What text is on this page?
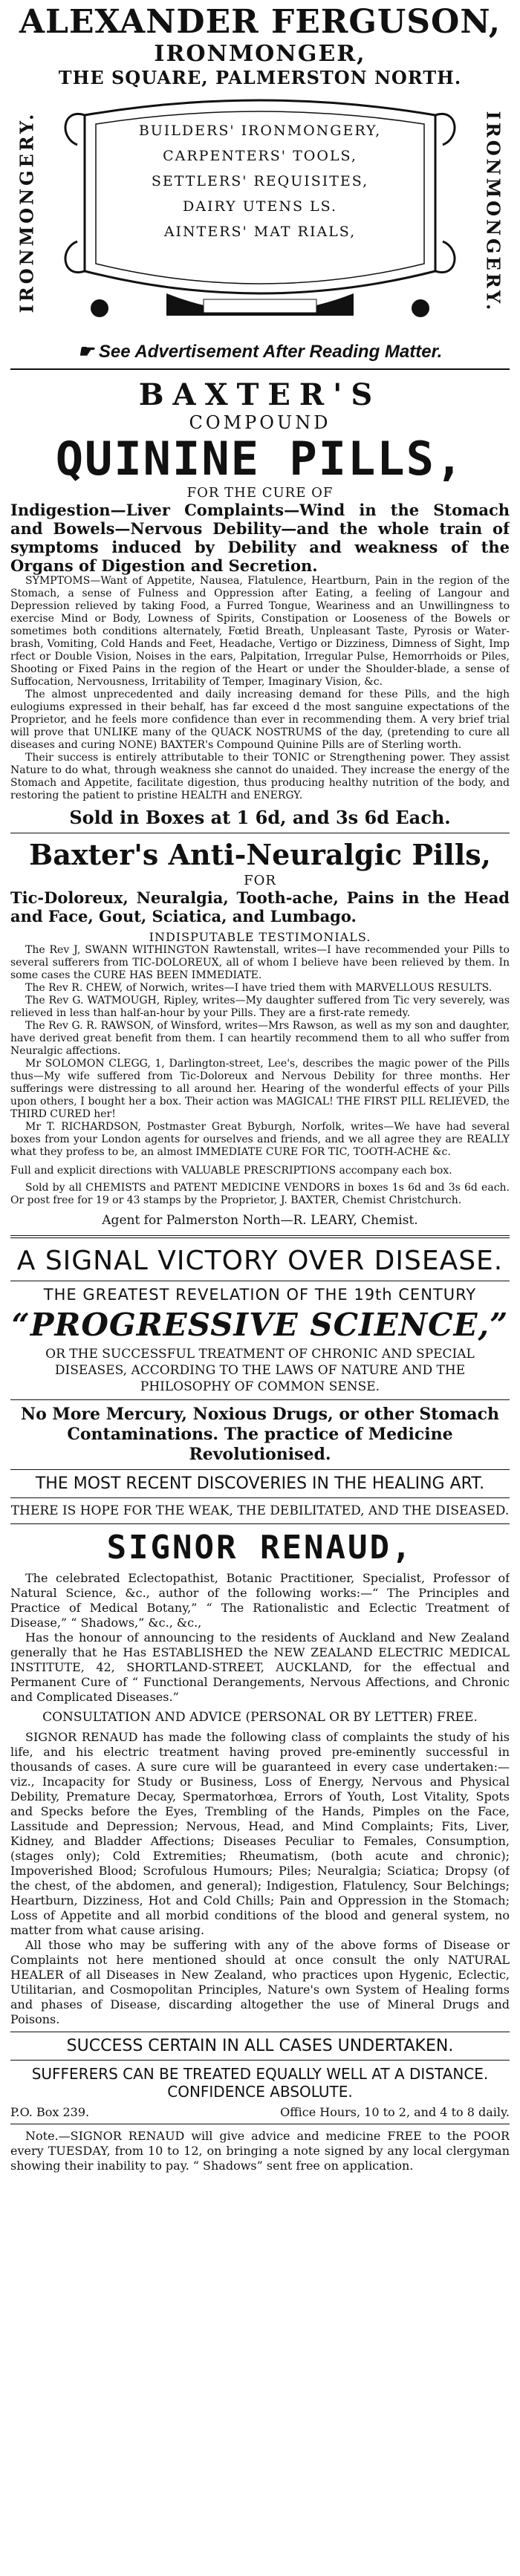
ALEXANDER FERGUSON,
IRONMONGER,
THE SQUARE, PALMERSTON NORTH.
IRONMONGERY.	IRONMONGERY.
BUILDERS' IRONMONGERY,
CARPENTERS' TOOLS,
SETTLERS' REQUISITES,
DAIRY UTENS LS.
AINTERS' MAT RIALS,
☛ See Advertisement After Reading Matter.
BAXTER'S
COMPOUND
QUININE PILLS,
FOR THE CURE OF

Indigestion—Liver Complaints—Wind in the Stomach and Bowels—Nervous Debility—and the whole train of symptoms induced by Debility and weakness of the Organs of Digestion and Secretion.

SYMPTOMS—Want of Appetite, Nausea, Flatulence, Heartburn, Pain in the region of the Stomach, a sense of Fulness and Oppression after Eating, a feeling of Langour and Depression relieved by taking Food, a Furred Tongue, Weariness and an Unwillingness to exercise Mind or Body, Lowness of Spirits, Constipation or Looseness of the Bowels or sometimes both conditions alternately, Fœtid Breath, Unpleasant Taste, Pyrosis or Water-brash, Vomiting, Cold Hands and Feet, Headache, Vertigo or Dizziness, Dimness of Sight, Imp rfect or Double Vision, Noises in the ears, Palpitation, Irregular Pulse, Hemorrhoids or Piles, Shooting or Fixed Pains in the region of the Heart or under the Shoulder-blade, a sense of Suffocation, Nervousness, Irritability of Temper, Imaginary Vision, &c.

The almost unprecedented and daily increasing demand for these Pills, and the high eulogiums expressed in their behalf, has far exceed d the most sanguine expectations of the Proprietor, and he feels more confidence than ever in recommending them. A very brief trial will prove that UNLIKE many of the QUACK NOSTRUMS of the day, (pretending to cure all diseases and curing NONE) BAXTER's Compound Quinine Pills are of Sterling worth.

Their success is entirely attributable to their TONIC or Strengthening power. They assist Nature to do what, through weakness she cannot do unaided. They increase the energy of the Stomach and Appetite, facilitate digestion, thus producing healthy nutrition of the body, and restoring the patient to pristine HEALTH and ENERGY.

Sold in Boxes at 1 6d, and 3s 6d Each.
Baxter's Anti-Neuralgic Pills,
FOR

Tic-Doloreux, Neuralgia, Tooth-ache, Pains in the Head and Face, Gout, Sciatica, and Lumbago.

INDISPUTABLE TESTIMONIALS.

The Rev J, SWANN WITHINGTON Rawtenstall, writes—I have recommended your Pills to several sufferers from TIC-DOLOREUX, all of whom I believe have been relieved by them. In some cases the CURE HAS BEEN IMMEDIATE.

The Rev R. CHEW, of Norwich, writes—I have tried them with MARVELLOUS RESULTS.

The Rev G. WATMOUGH, Ripley, writes—My daughter suffered from Tic very severely, was relieved in less than half-an-hour by your Pills. They are a first-rate remedy.

The Rev G. R. RAWSON, of Winsford, writes—Mrs Rawson, as well as my son and daughter, have derived great benefit from them. I can heartily recommend them to all who suffer from Neuralgic affections.

Mr SOLOMON CLEGG, 1, Darlington-street, Lee's, describes the magic power of the Pills thus—My wife suffered from Tic-Doloreux and Nervous Debility for three months. Her sufferings were distressing to all around her. Hearing of the wonderful effects of your Pills upon others, I bought her a box. Their action was MAGICAL! THE FIRST PILL RELIEVED, the THIRD CURED her!

Mr T. RICHARDSON, Postmaster Great Byburgh, Norfolk, writes—We have had several boxes from your London agents for ourselves and friends, and we all agree they are REALLY what they profess to be, an almost IMMEDIATE CURE FOR TIC, TOOTH-ACHE &c.

Full and explicit directions with VALUABLE PRESCRIPTIONS accompany each box.

Sold by all CHEMISTS and PATENT MEDICINE VENDORS in boxes 1s 6d and 3s 6d each. Or post free for 19 or 43 stamps by the Proprietor, J. BAXTER, Chemist Christchurch.

Agent for Palmerston North—R. LEARY, Chemist.
A SIGNAL VICTORY OVER DISEASE.
THE GREATEST REVELATION OF THE 19th CENTURY
“PROGRESSIVE SCIENCE,”
OR THE SUCCESSFUL TREATMENT OF CHRONIC AND SPECIAL DISEASES, ACCORDING TO THE LAWS OF NATURE AND THE PHILOSOPHY OF COMMON SENSE.
No More Mercury, Noxious Drugs, or other Stomach Contaminations. The practice of Medicine Revolutionised.
THE MOST RECENT DISCOVERIES IN THE HEALING ART.
THERE IS HOPE FOR THE WEAK, THE DEBILITATED, AND THE DISEASED.
SIGNOR RENAUD,

The celebrated Eclectopathist, Botanic Practitioner, Specialist, Professor of Natural Science, &c., author of the following works:—“ The Principles and Practice of Medical Botany,” “ The Rationalistic and Eclectic Treatment of Disease,” “ Shadows,” &c., &c.,

Has the honour of announcing to the residents of Auckland and New Zealand generally that he Has ESTABLISHED the NEW ZEALAND ELECTRIC MEDICAL INSTITUTE, 42, SHORTLAND-STREET, AUCKLAND, for the effectual and Permanent Cure of “ Functional Derangements, Nervous Affections, and Chronic and Complicated Diseases.”

CONSULTATION AND ADVICE (PERSONAL OR BY LETTER) FREE.

SIGNOR RENAUD has made the following class of complaints the study of his life, and his electric treatment having proved pre-eminently successful in thousands of cases. A sure cure will be guaranteed in every case undertaken:—viz., Incapacity for Study or Business, Loss of Energy, Nervous and Physical Debility, Premature Decay, Spermatorhœa, Errors of Youth, Lost Vitality, Spots and Specks before the Eyes, Trembling of the Hands, Pimples on the Face, Lassitude and Depression; Nervous, Head, and Mind Complaints; Fits, Liver, Kidney, and Bladder Affections; Diseases Peculiar to Females, Consumption, (stages only); Cold Extremities; Rheumatism, (both acute and chronic); Impoverished Blood; Scrofulous Humours; Piles; Neuralgia; Sciatica; Dropsy (of the chest, of the abdomen, and general); Indigestion, Flatulency, Sour Belchings; Heartburn, Dizziness, Hot and Cold Chills; Pain and Oppression in the Stomach; Loss of Appetite and all morbid conditions of the blood and general system, no matter from what cause arising.

All those who may be suffering with any of the above forms of Disease or Complaints not here mentioned should at once consult the only NATURAL HEALER of all Diseases in New Zealand, who practices upon Hygenic, Eclectic, Utilitarian, and Cosmopolitan Principles, Nature's own System of Healing forms and phases of Disease, discarding altogether the use of Mineral Drugs and Poisons.

SUCCESS CERTAIN IN ALL CASES UNDERTAKEN.
SUFFERERS CAN BE TREATED EQUALLY WELL AT A DISTANCE. CONFIDENCE ABSOLUTE.
P.O. Box 239.	Office Hours, 10 to 2, and 4 to 8 daily.

Note.—SIGNOR RENAUD will give advice and medicine FREE to the POOR every TUESDAY, from 10 to 12, on bringing a note signed by any local clergyman showing their inability to pay. “ Shadows” sent free on application.
